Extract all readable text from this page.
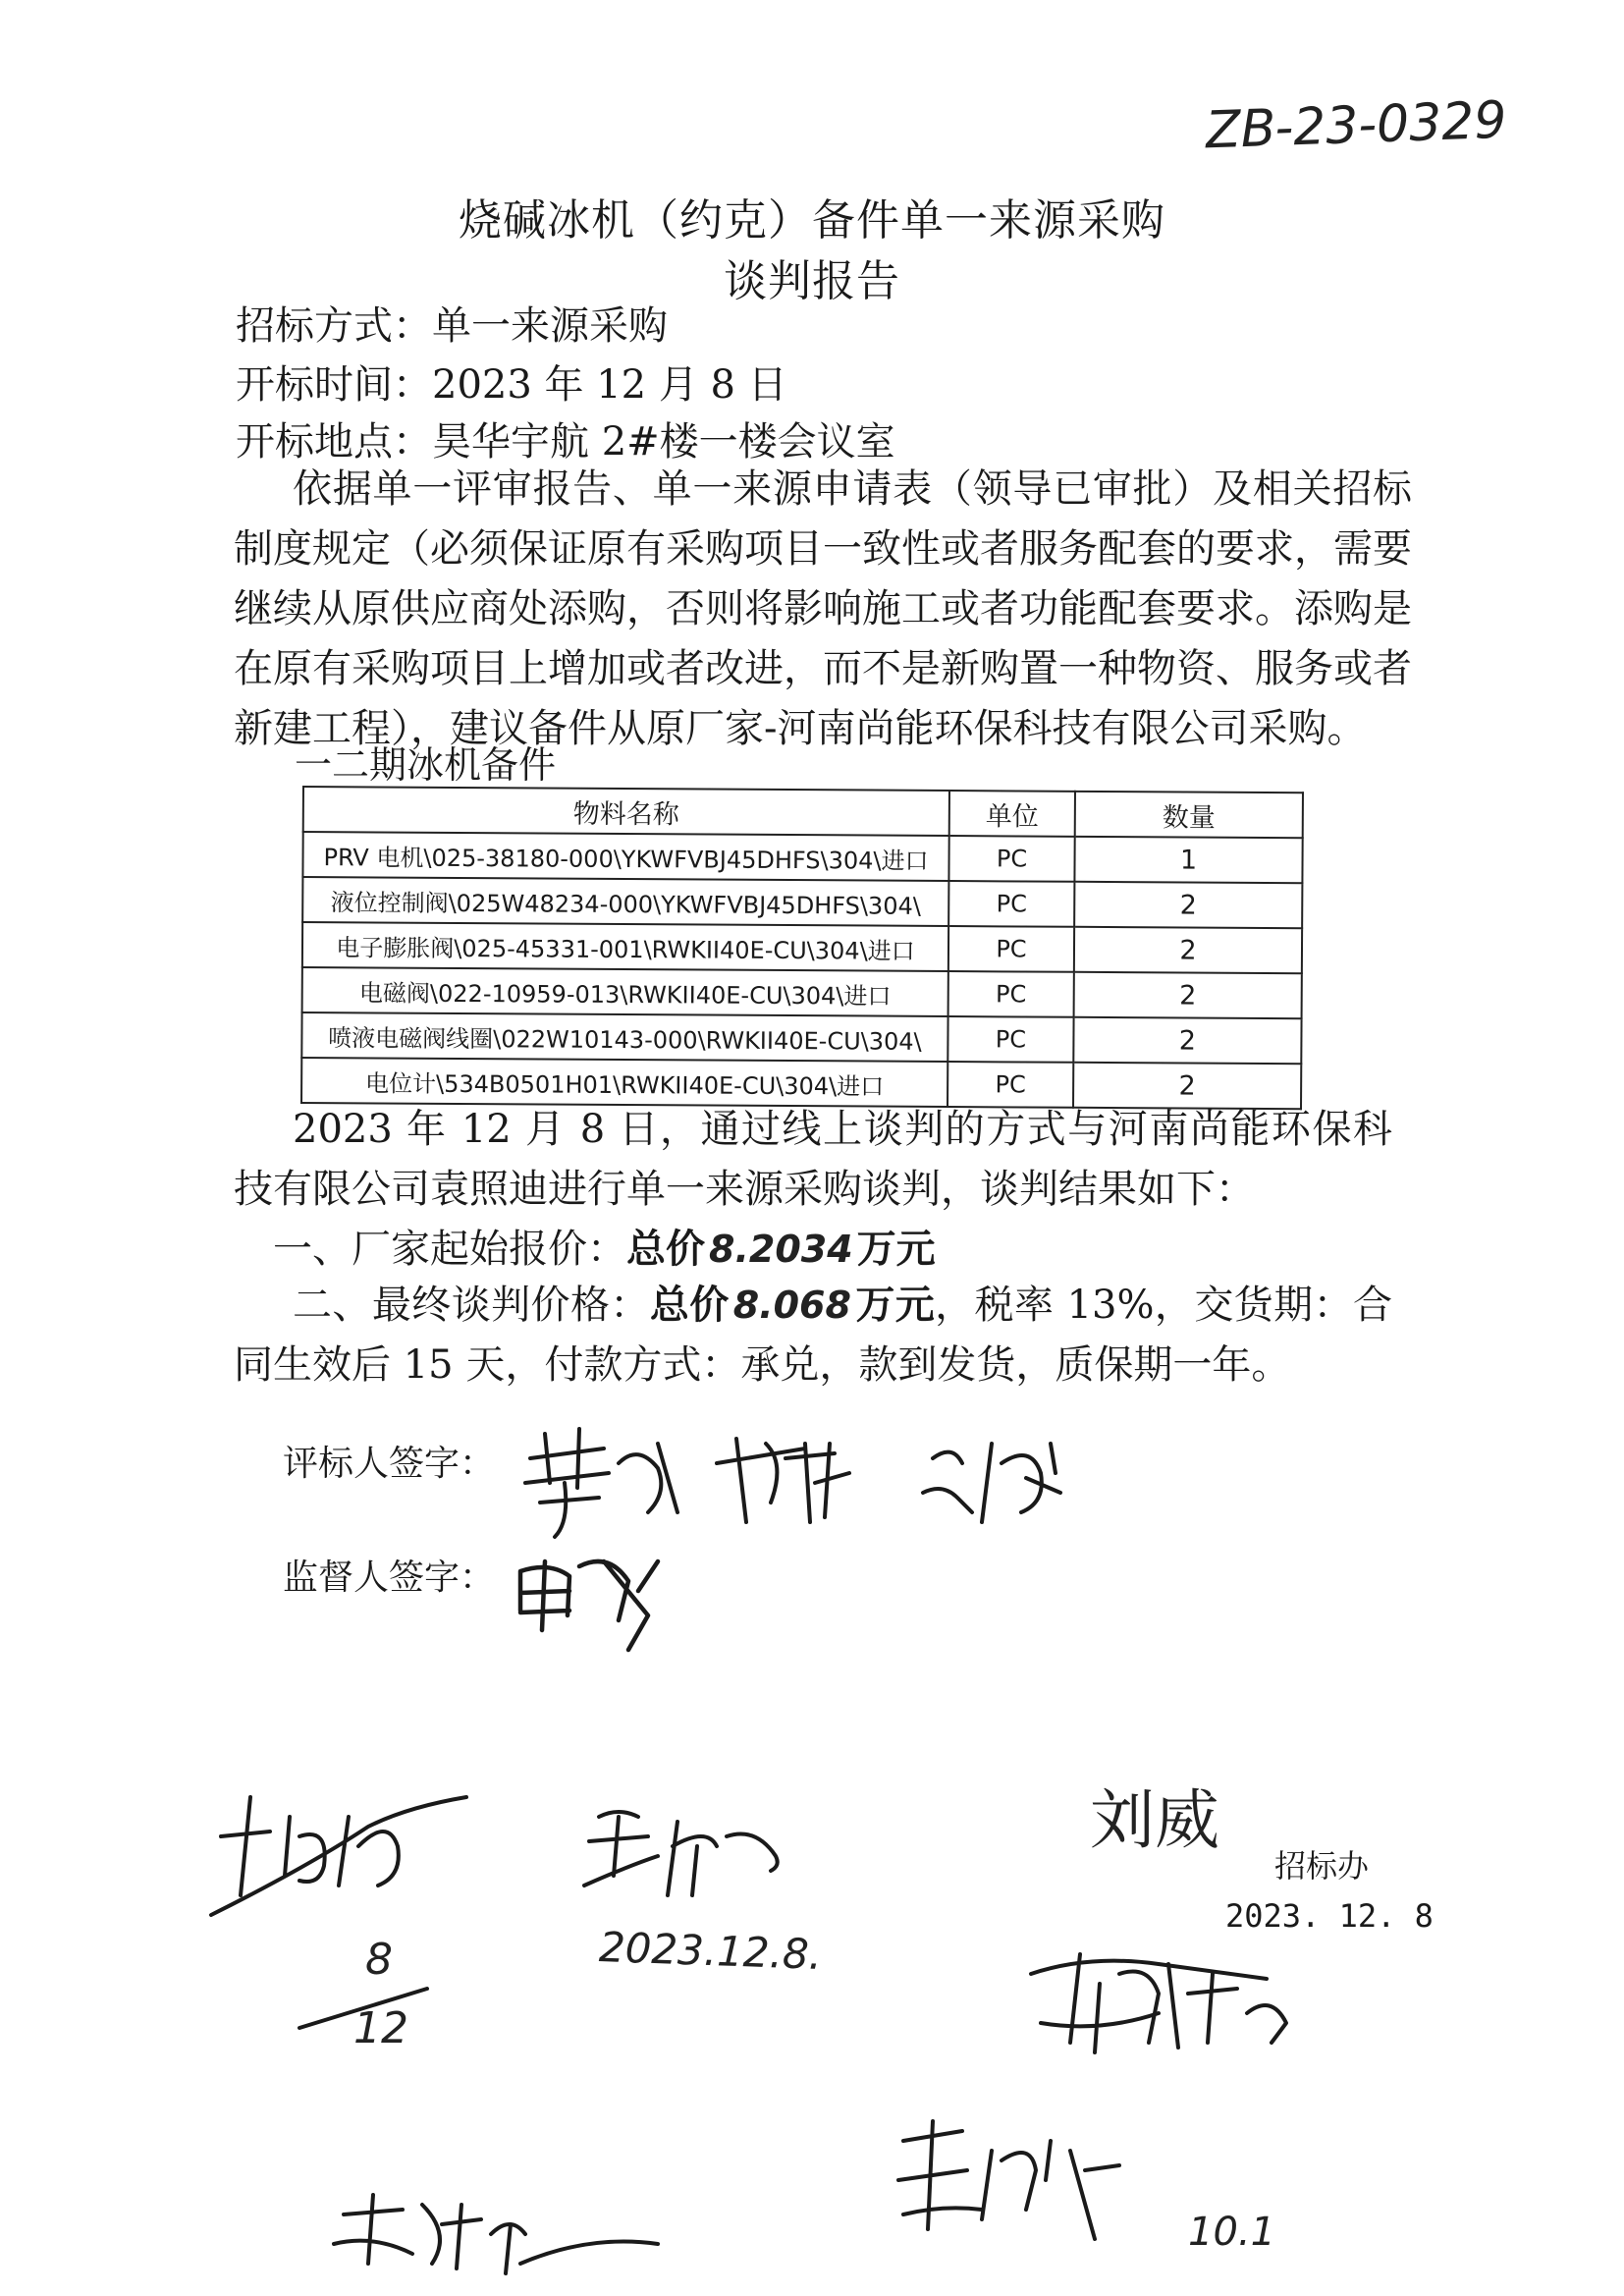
ZB-23-0329
烧碱冰机（约克）备件单一来源采购
谈判报告
招标方式：单一来源采购
开标时间：2023 年 12 月 8 日
开标地点：昊华宇航 2#楼一楼会议室

依据单一评审报告、单一来源申请表（领导已审批）及相关招标制度规定（必须保证原有采购项目一致性或者服务配套的要求，需要继续从原供应商处添购，否则将影响施工或者功能配套要求。添购是在原有采购项目上增加或者改进，而不是新购置一种物资、服务或者新建工程），建议备件从原厂家-河南尚能环保科技有限公司采购。

一二期冰机备件
物料名称	单位	数量
PRV 电机\025-38180-000\YKWFVBJ45DHFS\304\进口	PC	1
液位控制阀\025W48234-000\YKWFVBJ45DHFS\304\	PC	2
电子膨胀阀\025-45331-001\RWKII40E-CU\304\进口	PC	2
电磁阀\022-10959-013\RWKII40E-CU\304\进口	PC	2
喷液电磁阀线圈\022W10143-000\RWKII40E-CU\304\	PC	2
电位计\534B0501H01\RWKII40E-CU\304\进口	PC	2

2023 年 12 月 8 日，通过线上谈判的方式与河南尚能环保科技有限公司袁照迪进行单一来源采购谈判，谈判结果如下：

一、厂家起始报价：总价 8.2034 万元

二、最终谈判价格：总价 8.068 万元，税率 13%，交货期：合同生效后 15 天，付款方式：承兑，款到发货，质保期一年。

评标人签字：
监督人签字：
2023.12.8.
8
12
刘威
招标办
2023. 12. 8
10.1
